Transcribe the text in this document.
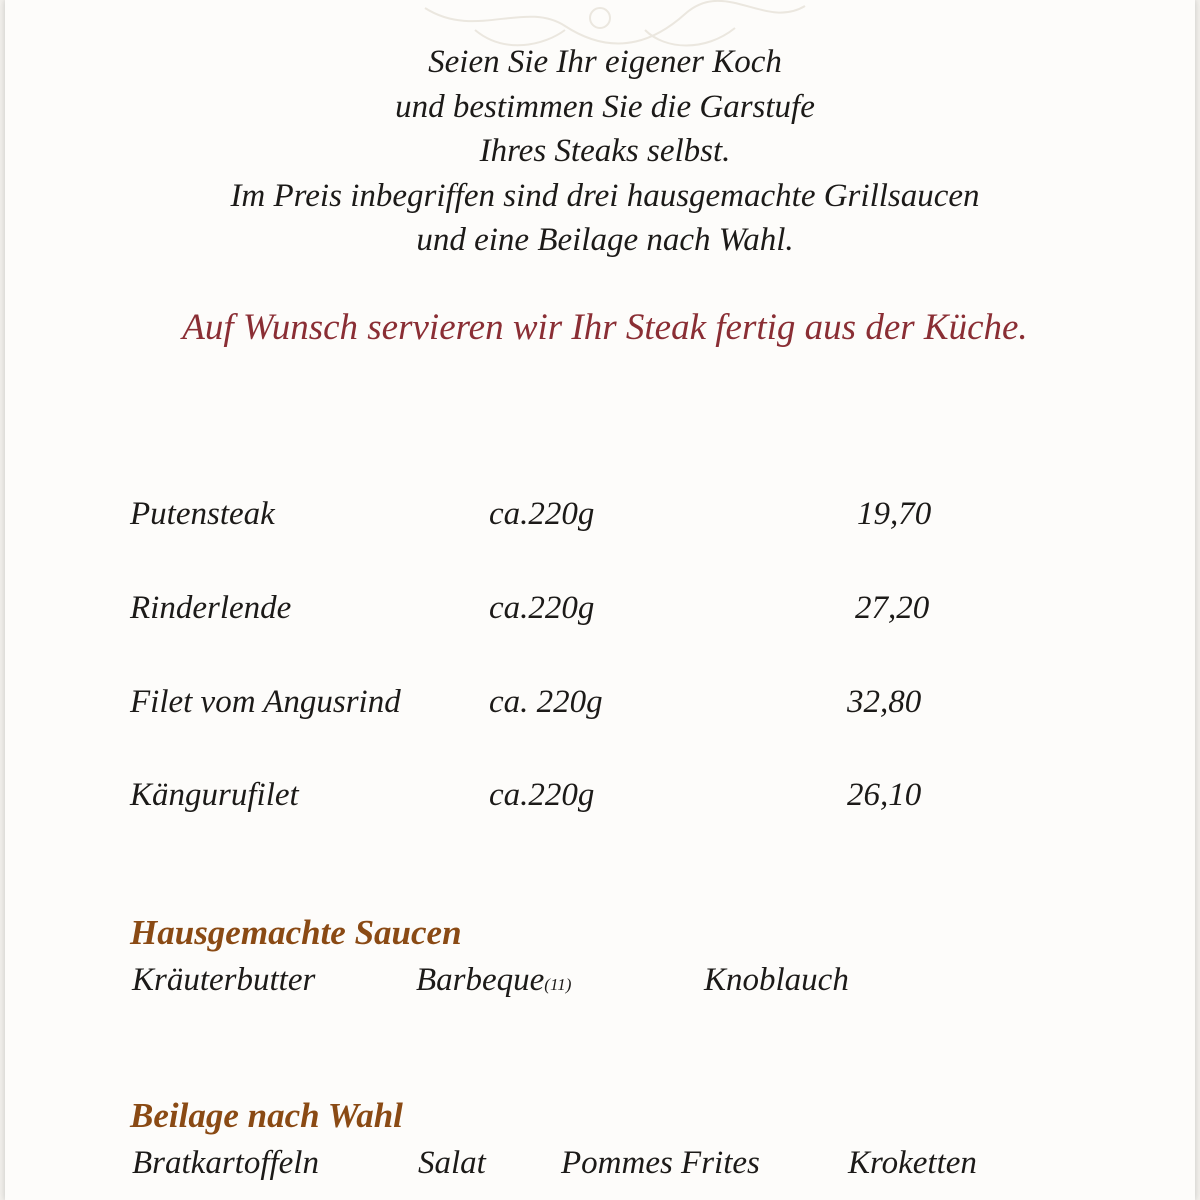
Seien Sie Ihr eigener Koch
und bestimmen Sie die Garstufe
Ihres Steaks selbst.
Im Preis inbegriffen sind drei hausgemachte Grillsaucen
und eine Beilage nach Wahl.
Auf Wunsch servieren wir Ihr Steak fertig aus der Küche.
Putensteak	ca.220g	19,70
Rinderlende	ca.220g	27,20
Filet vom Angusrind	ca. 220g	32,80
Kängurufilet	ca.220g	26,10
Hausgemachte Saucen
Kräuterbutter	Barbeque(11)	Knoblauch
Beilage nach Wahl
Bratkartoffeln	Salat Pommes Frites	Kroketten
